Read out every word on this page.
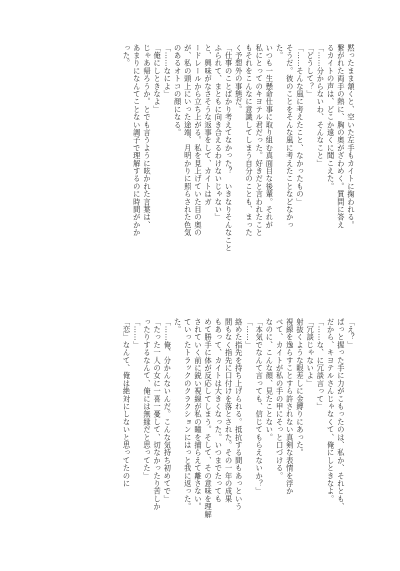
黙ったまま頷くと、空いた左手もカイトに掬われる。
繋がれた両手の熱に、胸の奥がざわめく。質問に答え
るカイトの声は、どこか遠くに聞こえた。
「……分からないわ、そんなこと」
「どうして？」
「……そんな風に考えたこと、なかったもの」
そうだ。彼のことをそんな風に考えたことなどなかっ
た。
いつも一生懸命仕事に取り組む真面目な後輩。それが
私にとってのキヨテル君だった。好きだと言われたこと
もそれをこんなに意識してしまう自分のことも、まった
く予想外の事態だ。
「仕事のことばかり考えてなかった？　いきなりそんなこと
ふられて、まともに向き合えるわけないじゃない」
と、興味がなさそうな返事をして、カイトはガ
ードレールから立ち上がる。私を見上げていた目の奥の
が、私の頭上にいった途端、月明かりに照らされた色気
のあるオトコの顔になる。
「……なによ」
「俺にしときなよ」
じゃあ帰ろうか。とでも言うように呟かれた言葉は、
あまりになんてことない調子で理解するのに時間がかか
った。
「え？」
ぱっと握った手に力がこもったのは、私か、それとも、
だから、キヨテルさんじゃなくて、俺にしときなよ。
「……な、に冗談言って」
「冗談じゃないよ」
射抜くような眼差しに金縛りにあった。
視線を逸らすことすら許されない真剣な表情を浮か
べて、カイトが私の手の甲にそっと口づける。
なのに、こんな顔、見たことない。
「本気でなんて言っても、信じてもらえないか？」
「……」
絡めた指先を持ち上げられる。抵抗する間もあっという
間もなく指先に口付けを落とされた。その一年の成果
もあって、カイトは大きくなった。いつまでたっても
めて勝手に体が反応してしまう。そして、その意味を理解
されていく前に鋭い視線が私の瞳を捕らえて離さない。
ていったトラックのクラクションにはっと我に返った。
た。
「……俺、分かんないんだ。こんな気持ち初めてで」
「たった一人の女に一喜一憂して、切なかったり苦しか
ったりするなんて、俺には無縁だと思ってた」
「……」
「恋」なんて、俺は絶対にしないと思ってたのに
